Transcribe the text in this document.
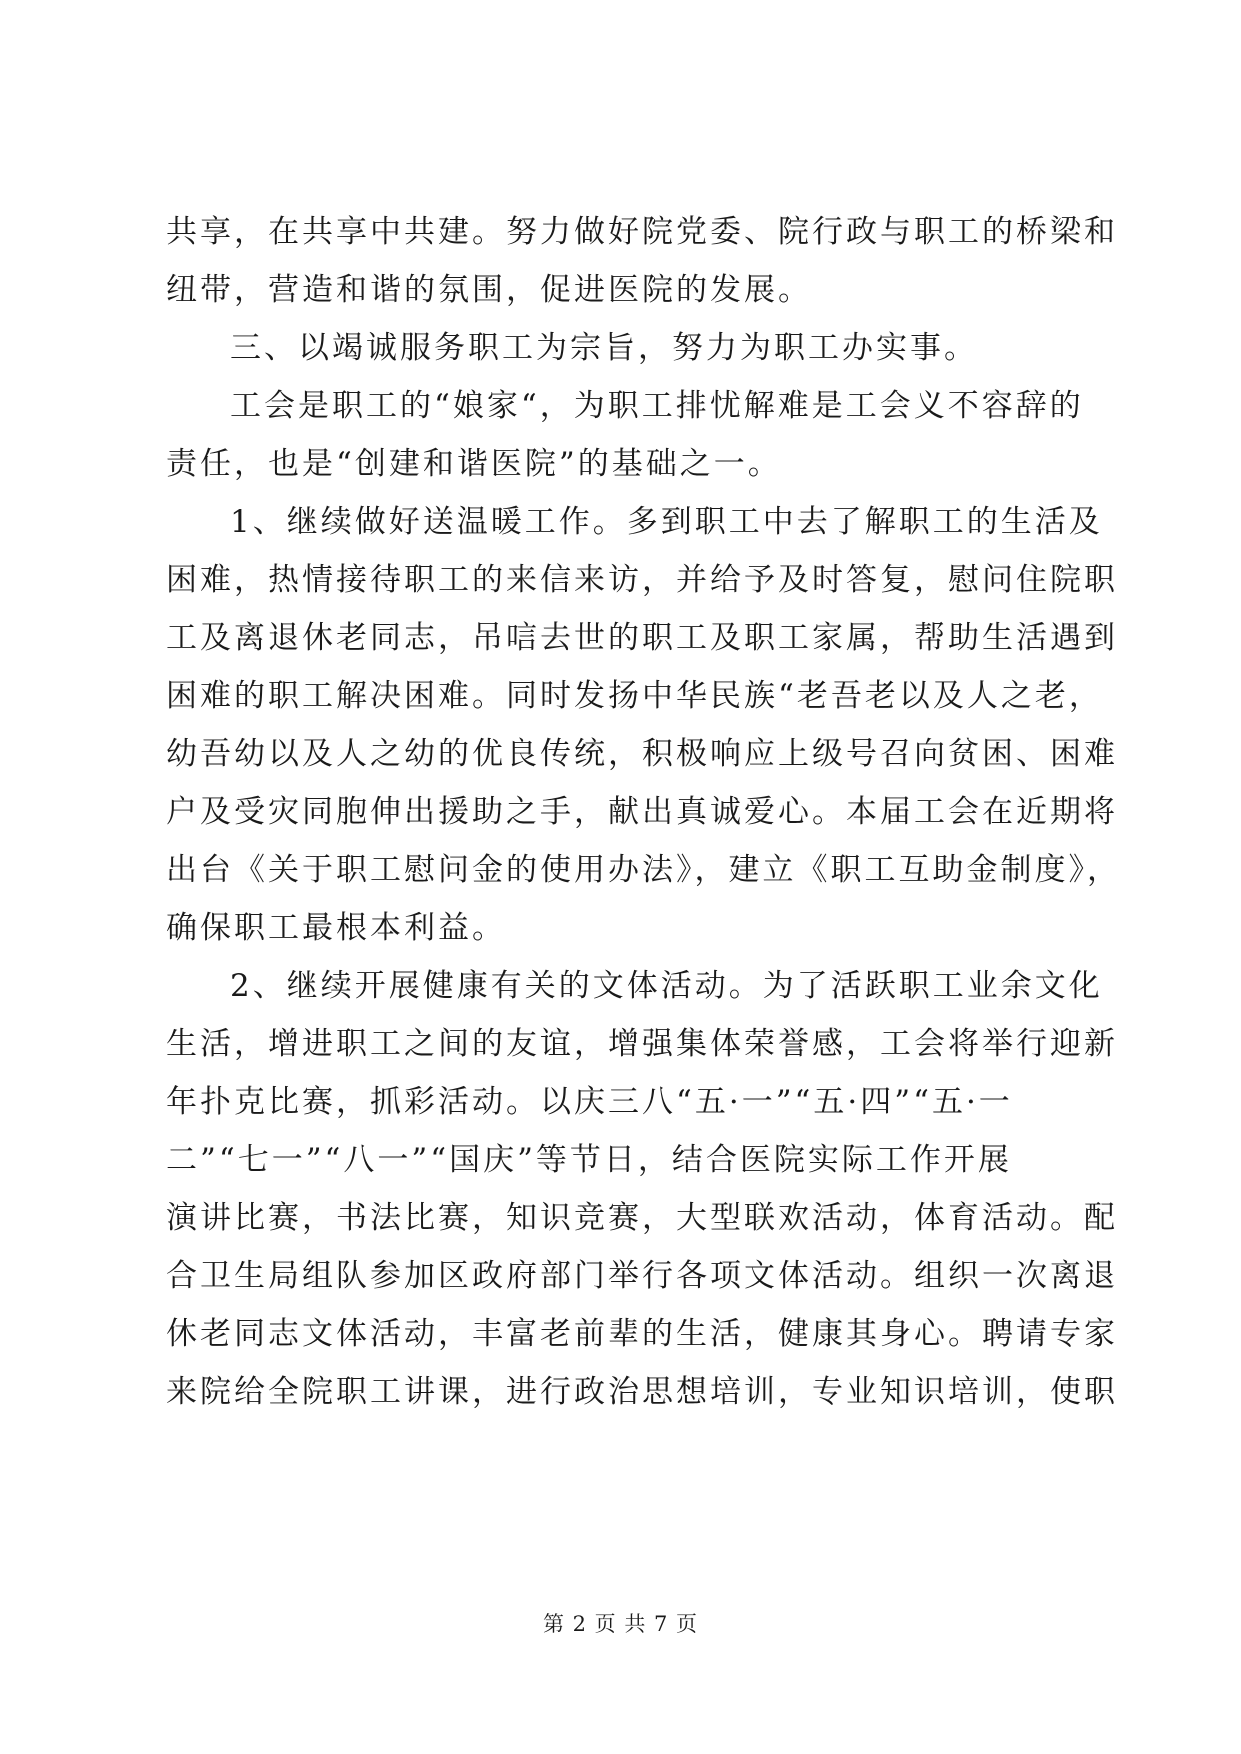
共享，在共享中共建。努力做好院党委、院行政与职工的桥梁和
纽带，营造和谐的氛围，促进医院的发展。
三、以竭诚服务职工为宗旨，努力为职工办实事。
工会是职工的“娘家“，为职工排忧解难是工会义不容辞的
责任，也是“创建和谐医院”的基础之一。
1、继续做好送温暖工作。多到职工中去了解职工的生活及
困难，热情接待职工的来信来访，并给予及时答复，慰问住院职
工及离退休老同志，吊唁去世的职工及职工家属，帮助生活遇到
困难的职工解决困难。同时发扬中华民族“老吾老以及人之老，
幼吾幼以及人之幼的优良传统，积极响应上级号召向贫困、困难
户及受灾同胞伸出援助之手，献出真诚爱心。本届工会在近期将
出台《关于职工慰问金的使用办法》，建立《职工互助金制度》，
确保职工最根本利益。
2、继续开展健康有关的文体活动。为了活跃职工业余文化
生活，增进职工之间的友谊，增强集体荣誉感，工会将举行迎新
年扑克比赛，抓彩活动。以庆三八“五·一”“五·四”“五·一
二”“七一”“八一”“国庆”等节日，结合医院实际工作开展
演讲比赛，书法比赛，知识竞赛，大型联欢活动，体育活动。配
合卫生局组队参加区政府部门举行各项文体活动。组织一次离退
休老同志文体活动，丰富老前辈的生活，健康其身心。聘请专家
来院给全院职工讲课，进行政治思想培训，专业知识培训，使职
第 2 页 共 7 页
